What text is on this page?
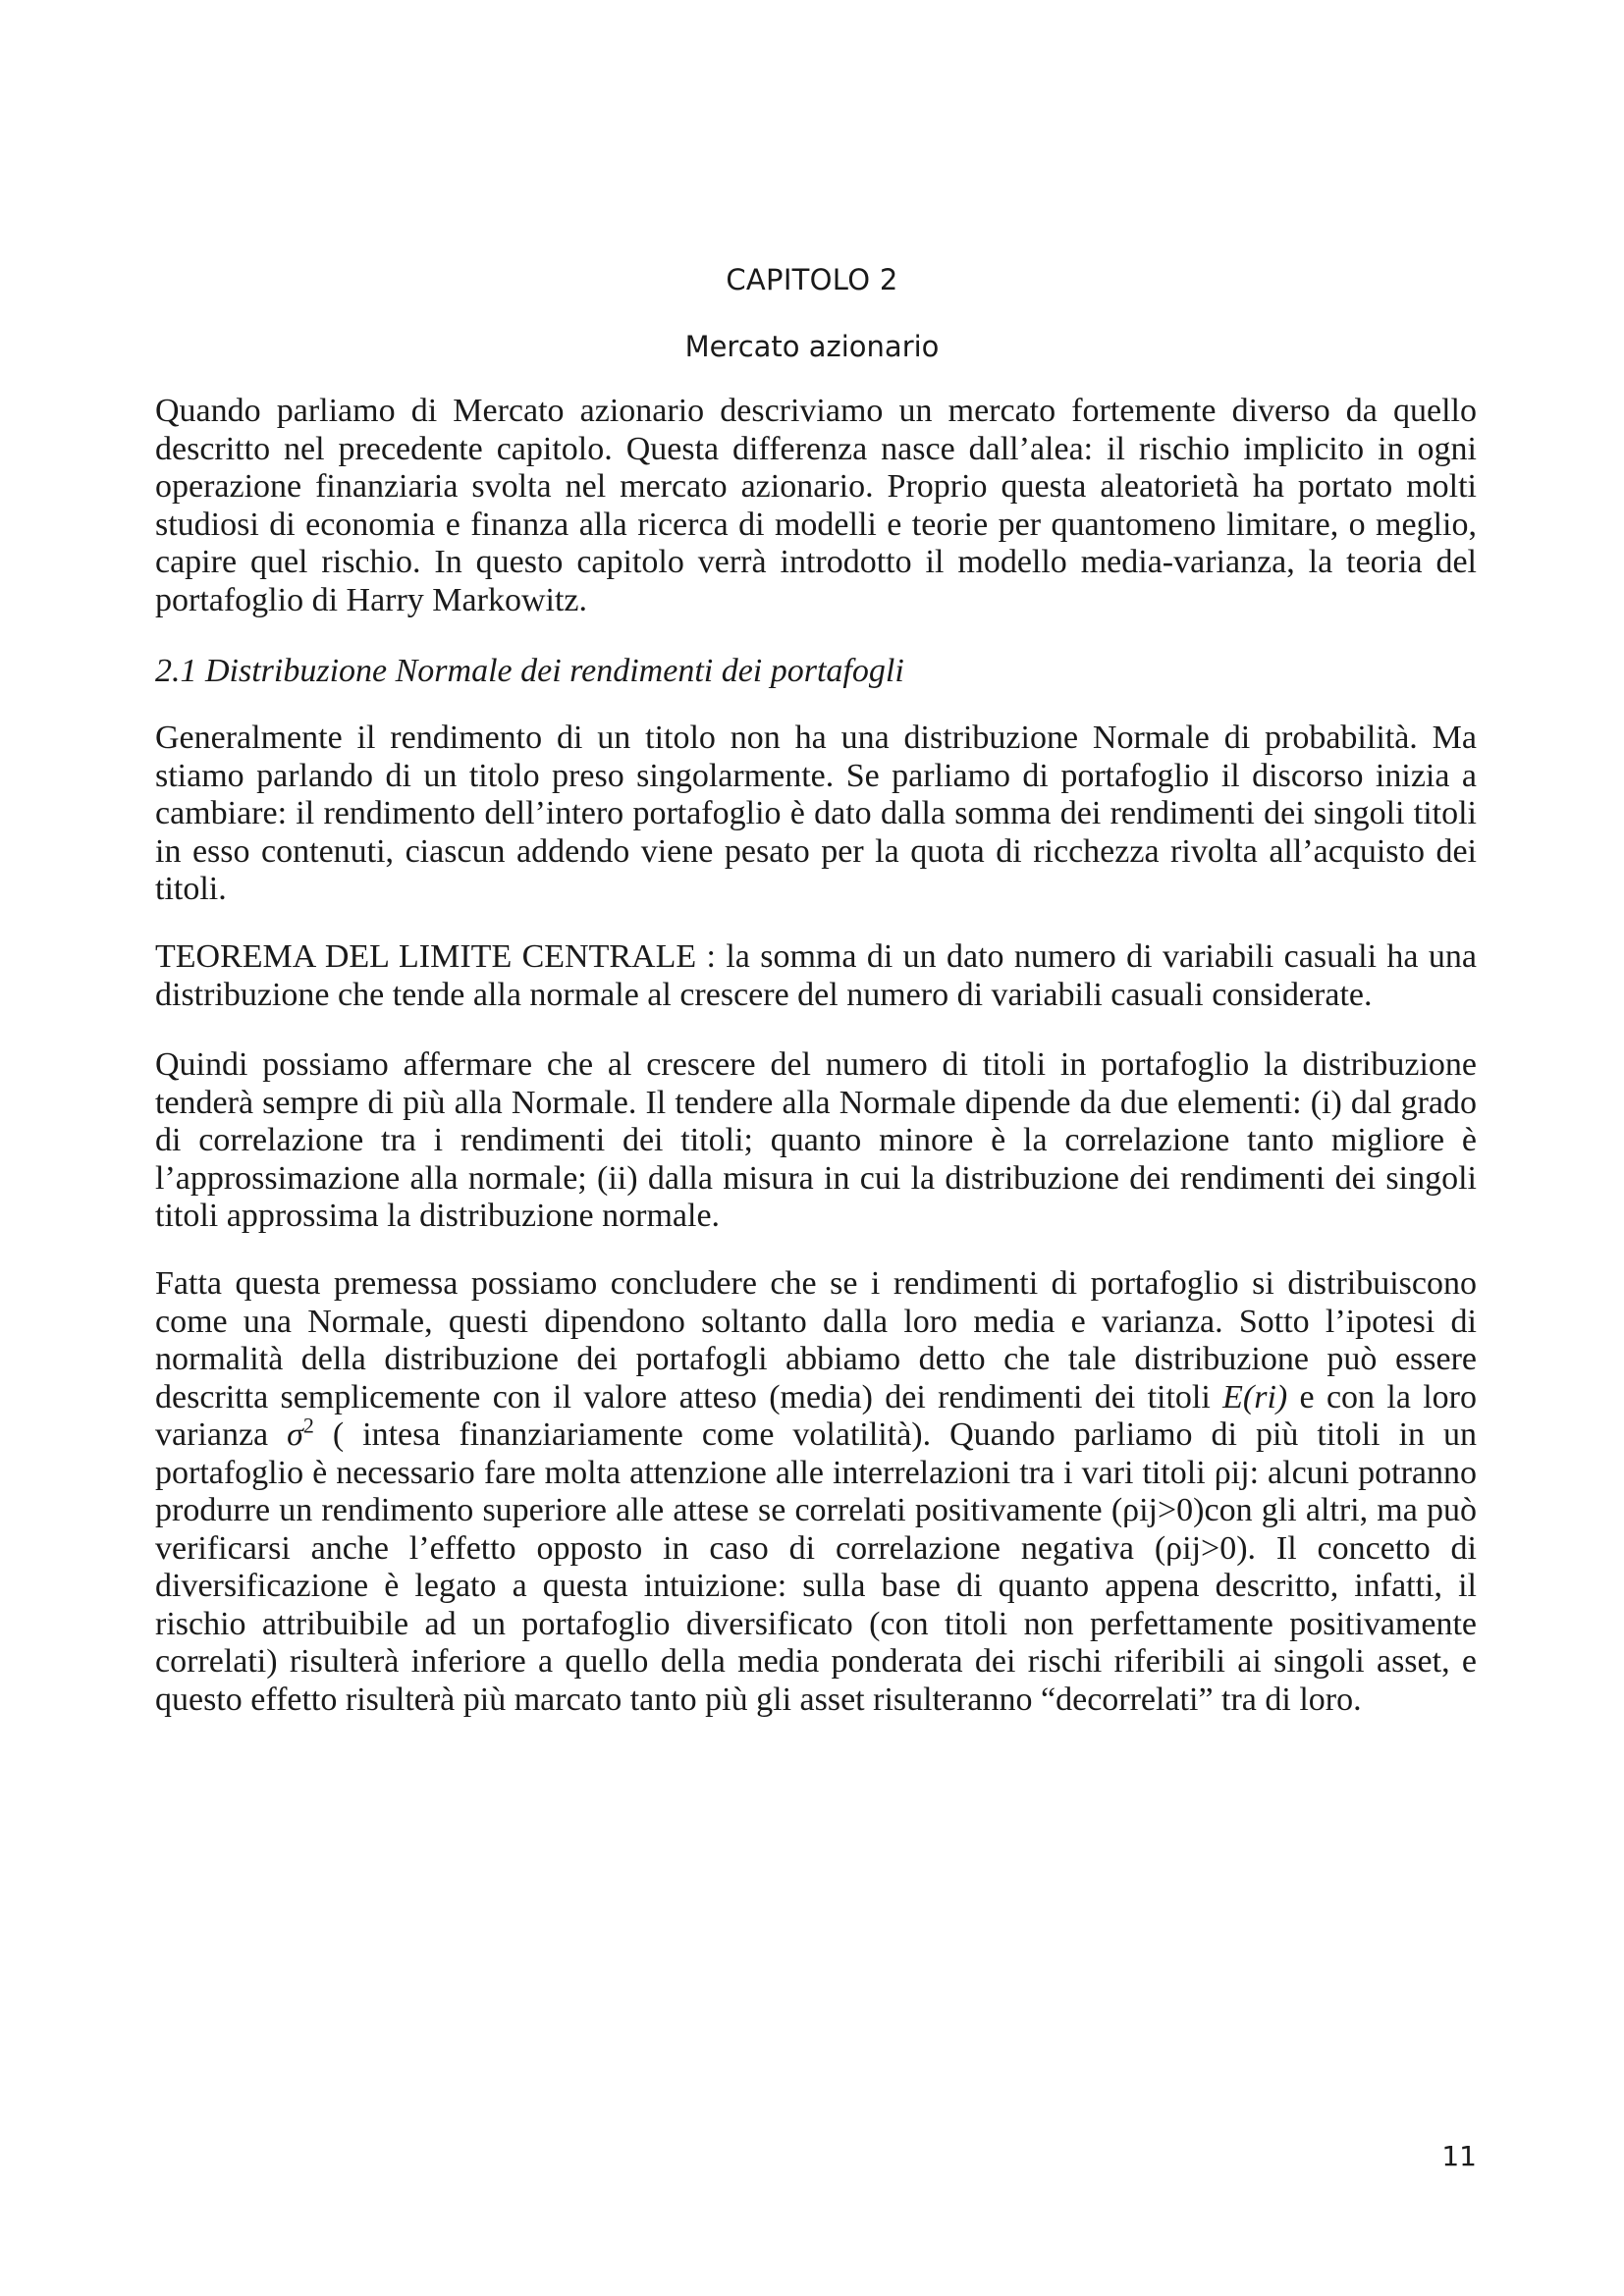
CAPITOLO 2
Mercato azionario

Quando parliamo di Mercato azionario descriviamo un mercato fortemente diverso da quello descritto nel precedente capitolo. Questa differenza nasce dall’alea: il rischio implicito in ogni operazione finanziaria svolta nel mercato azionario. Proprio questa aleatorietà ha portato molti studiosi di economia e finanza alla ricerca di modelli e teorie per quantomeno limitare, o meglio, capire quel rischio. In questo capitolo verrà introdotto il modello media-varianza, la teoria del portafoglio di Harry Markowitz.

2.1 Distribuzione Normale dei rendimenti dei portafogli

Generalmente il rendimento di un titolo non ha una distribuzione Normale di probabilità. Ma stiamo parlando di un titolo preso singolarmente. Se parliamo di portafoglio il discorso inizia a cambiare: il rendimento dell’intero portafoglio è dato dalla somma dei rendimenti dei singoli titoli in esso contenuti, ciascun addendo viene pesato per la quota di ricchezza rivolta all’acquisto dei titoli.

TEOREMA DEL LIMITE CENTRALE : la somma di un dato numero di variabili casuali ha una distribuzione che tende alla normale al crescere del numero di variabili casuali considerate.

Quindi possiamo affermare che al crescere del numero di titoli in portafoglio la distribuzione tenderà sempre di più alla Normale. Il tendere alla Normale dipende da due elementi: (i) dal grado di correlazione tra i rendimenti dei titoli; quanto minore è la correlazione tanto migliore è l’approssimazione alla normale; (ii) dalla misura in cui la distribuzione dei rendimenti dei singoli titoli approssima la distribuzione normale.

Fatta questa premessa possiamo concludere che se i rendimenti di portafoglio si distribuiscono come una Normale, questi dipendono soltanto dalla loro media e varianza. Sotto l’ipotesi di normalità della distribuzione dei portafogli abbiamo detto che tale distribuzione può essere descritta semplicemente con il valore atteso (media) dei rendimenti dei titoli E(ri) e con la loro varianza $\sigma^2$ ( intesa finanziariamente come volatilità). Quando parliamo di più titoli in un portafoglio è necessario fare molta attenzione alle interrelazioni tra i vari titoli ρij: alcuni potranno produrre un rendimento superiore alle attese se correlati positivamente (ρij>0)con gli altri, ma può verificarsi anche l’effetto opposto in caso di correlazione negativa (ρij>0). Il concetto di diversificazione è legato a questa intuizione: sulla base di quanto appena descritto, infatti, il rischio attribuibile ad un portafoglio diversificato (con titoli non perfettamente positivamente correlati) risulterà inferiore a quello della media ponderata dei rischi riferibili ai singoli asset, e questo effetto risulterà più marcato tanto più gli asset risulteranno “decorrelati” tra di loro.

11
